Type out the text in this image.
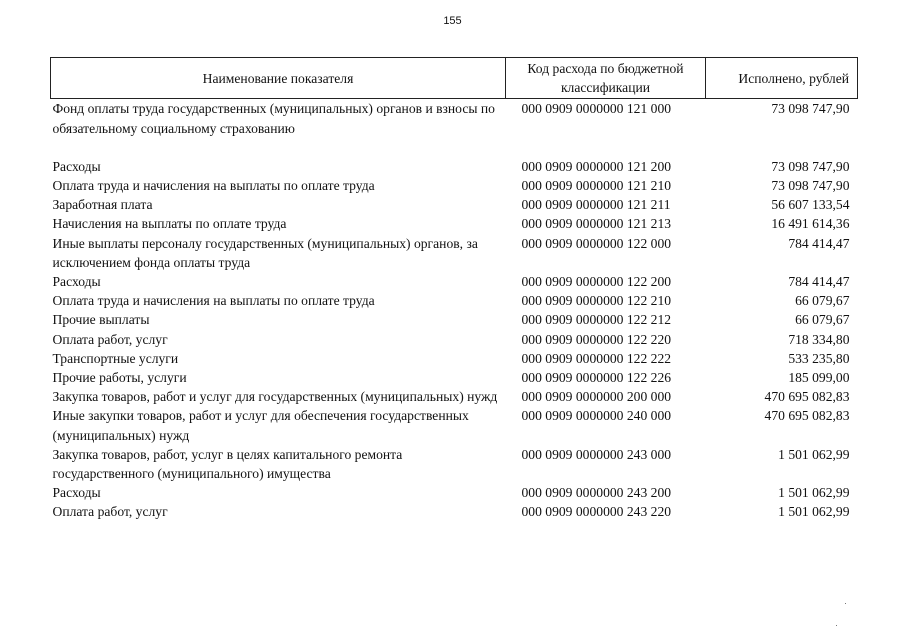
155
Наименование показателя	Код расхода по бюджетной классификации	Исполнено, рублей
Фонд оплаты труда государственных (муниципальных) органов и взносы по обязательному социальному страхованию	000 0909 0000000 121 000	73 098 747,90
Расходы	000 0909 0000000 121 200	73 098 747,90
Оплата труда и начисления на выплаты по оплате труда	000 0909 0000000 121 210	73 098 747,90
Заработная плата	000 0909 0000000 121 211	56 607 133,54
Начисления на выплаты по оплате труда	000 0909 0000000 121 213	16 491 614,36
Иные выплаты персоналу государственных (муниципальных) органов, за исключением фонда оплаты труда	000 0909 0000000 122 000	784 414,47
Расходы	000 0909 0000000 122 200	784 414,47
Оплата труда и начисления на выплаты по оплате труда	000 0909 0000000 122 210	66 079,67
Прочие выплаты	000 0909 0000000 122 212	66 079,67
Оплата работ, услуг	000 0909 0000000 122 220	718 334,80
Транспортные услуги	000 0909 0000000 122 222	533 235,80
Прочие работы, услуги	000 0909 0000000 122 226	185 099,00
Закупка товаров, работ и услуг для государственных (муниципальных) нужд	000 0909 0000000 200 000	470 695 082,83
Иные закупки товаров, работ и услуг для обеспечения государственных (муниципальных) нужд	000 0909 0000000 240 000	470 695 082,83
Закупка товаров, работ, услуг в целях капитального ремонта государственного (муниципального) имущества	000 0909 0000000 243 000	1 501 062,99
Расходы	000 0909 0000000 243 200	1 501 062,99
Оплата работ, услуг	000 0909 0000000 243 220	1 501 062,99
